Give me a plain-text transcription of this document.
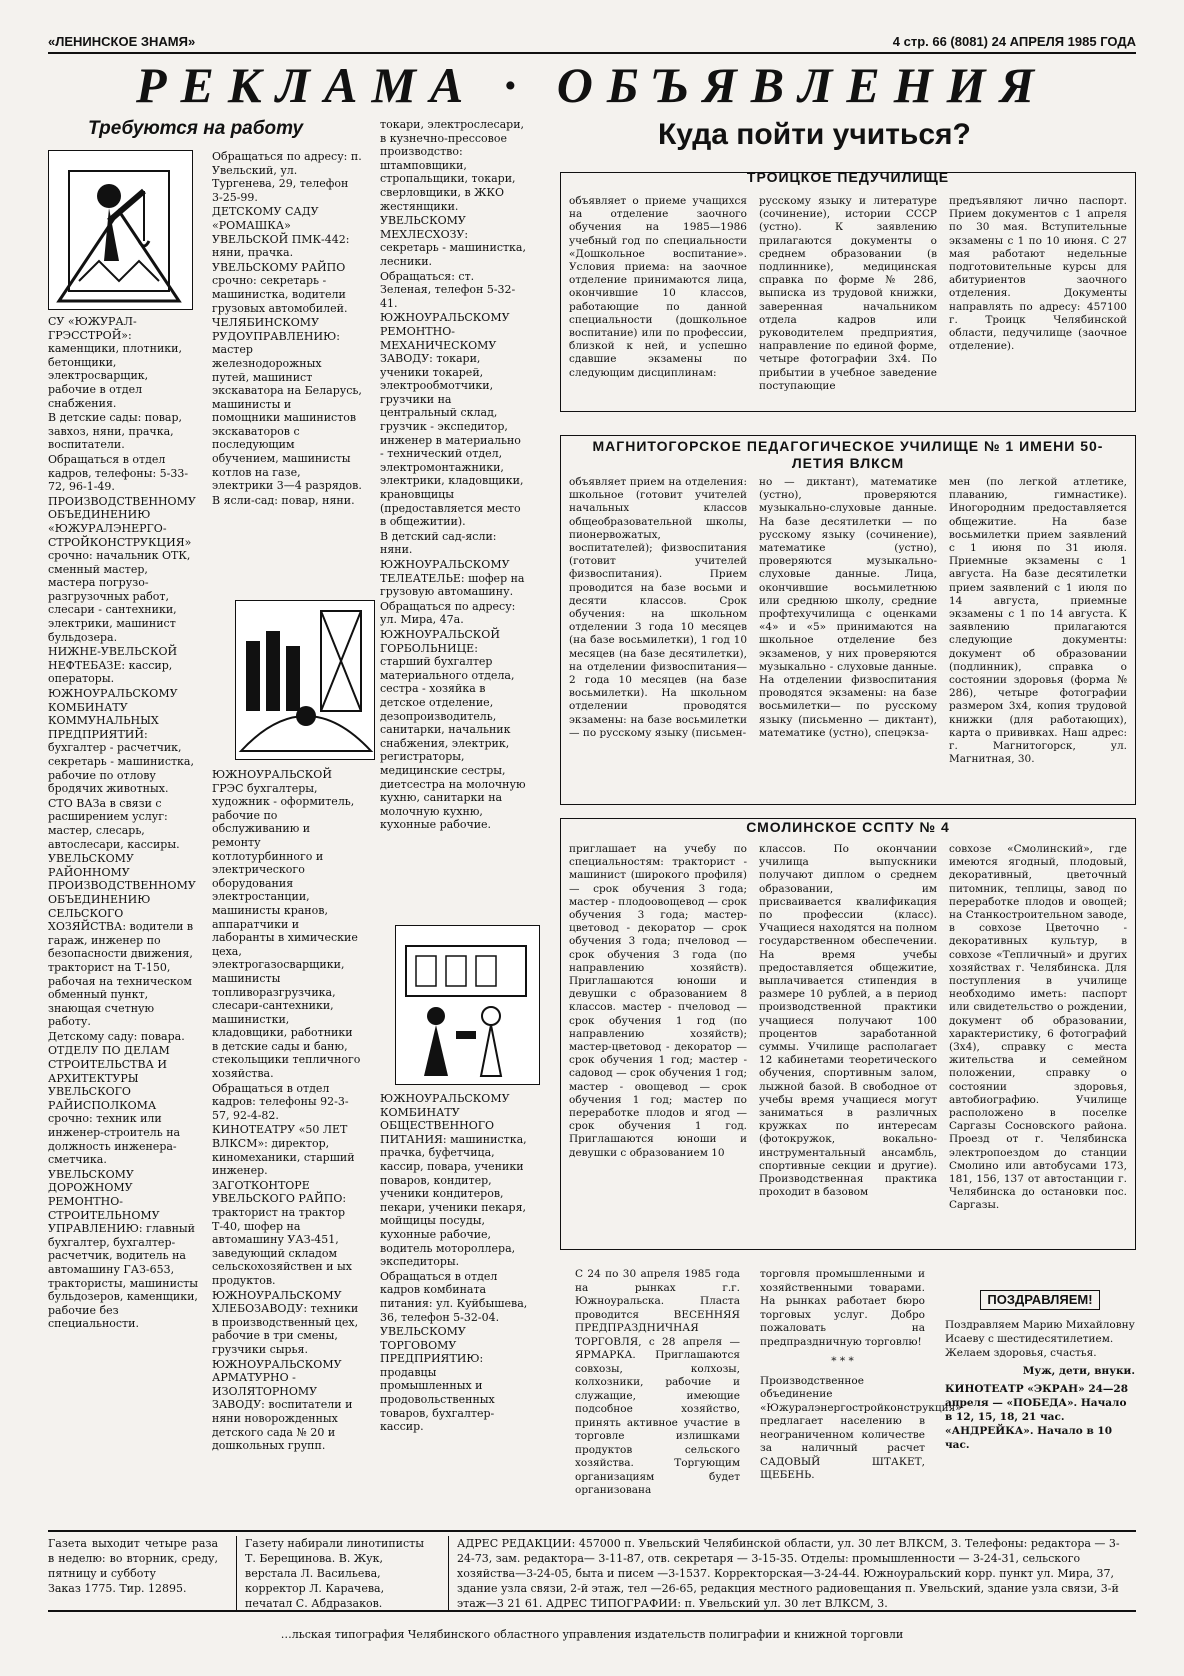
«ЛЕНИНСКОЕ ЗНАМЯ»	4 стр. 66 (8081) 24 АПРЕЛЯ 1985 ГОДА
РЕКЛАМА · ОБЪЯВЛЕНИЯ
Требуются на работу

СУ «ЮЖУРАЛ-ГРЭССТРОЙ»: каменщики, плотники, бетонщики, электросварщик, рабочие в отдел снабжения.

В детские сады: повар, завхоз, няни, прачка, воспитатели.

Обращаться в отдел кадров, телефоны: 5-33-72, 96-1-49.

ПРОИЗВОДСТВЕННОМУ ОБЪЕДИНЕНИЮ «ЮЖУРАЛЭНЕРГО-СТРОЙКОНСТРУКЦИЯ» срочно: начальник ОТК, сменный мастер, мастера погрузо-разгрузочных работ, слесари - сантехники, электрики, машинист бульдозера.

НИЖНЕ-УВЕЛЬСКОЙ НЕФТЕБАЗЕ: кассир, операторы.

ЮЖНОУРАЛЬСКОМУ КОМБИНАТУ КОММУНАЛЬНЫХ ПРЕДПРИЯТИЙ: бухгалтер - расчетчик, секретарь - машинистка, рабочие по отлову бродячих животных.

СТО ВАЗа в связи с расширением услуг: мастер, слесарь, автослесари, кассиры.

УВЕЛЬСКОМУ РАЙОННОМУ ПРОИЗВОДСТВЕННОМУ ОБЪЕДИНЕНИЮ СЕЛЬСКОГО ХОЗЯЙСТВА: водители в гараж, инженер по безопасности движения, тракторист на Т-150, рабочая на техническом обменный пункт, знающая счетную работу.

Детскому саду: повара.

ОТДЕЛУ ПО ДЕЛАМ СТРОИТЕЛЬСТВА И АРХИТЕКТУРЫ УВЕЛЬСКОГО РАЙИСПОЛКОМА срочно: техник или инженер-строитель на должность инженера-сметчика.

УВЕЛЬСКОМУ ДОРОЖНОМУ РЕМОНТНО-СТРОИТЕЛЬНОМУ УПРАВЛЕНИЮ: главный бухгалтер, бухгалтер-расчетчик, водитель на автомашину ГАЗ-653, трактористы, машинисты бульдозеров, каменщики, рабочие без специальности.

Обращаться по адресу: п. Увельский, ул. Тургенева, 29, телефон 3-25-99.

ДЕТСКОМУ САДУ «РОМАШКА» УВЕЛЬСКОЙ ПМК-442: няни, прачка.

УВЕЛЬСКОМУ РАЙПО срочно: секретарь - машинистка, водители грузовых автомобилей.

ЧЕЛЯБИНСКОМУ РУДОУПРАВЛЕНИЮ: мастер железнодорожных путей, машинист экскаватора на Беларусь, машинисты и помощники машинистов экскаваторов с последующим обучением, машинисты котлов на газе, электрики 3—4 разрядов.

В ясли-сад: повар, няни.

ЮЖНОУРАЛЬСКОЙ ГРЭС бухгалтеры, художник - оформитель, рабочие по обслуживанию и ремонту котлотурбинного и электрического оборудования электростанции, машинисты кранов, аппаратчики и лаборанты в химические цеха, электрогазосварщики, машинисты топливоразгрузчика, слесари-сантехники, машинистки, кладовщики, работники в детские сады и баню, стекольщики тепличного хозяйства.

Обращаться в отдел кадров: телефоны 92-3-57, 92-4-82.

КИНОТЕАТРУ «50 ЛЕТ ВЛКСМ»: директор, киномеханики, старший инженер.

ЗАГОТКОНТОРЕ УВЕЛЬСКОГО РАЙПО: тракторист на трактор Т-40, шофер на автомашину УАЗ-451, заведующий складом сельскохозяйствен и ых продуктов.

ЮЖНОУРАЛЬСКОМУ ХЛЕБОЗАВОДУ: техники в производственный цех, рабочие в три смены, грузчики сырья.

ЮЖНОУРАЛЬСКОМУ АРМАТУРНО - ИЗОЛЯТОРНОМУ ЗАВОДУ: воспитатели и няни новорожденных детского сада № 20 и дошкольных групп.

токари, электрослесари, в кузнечно-прессовое производство: штамповщики, стропальщики, токари, сверловщики, в ЖКО жестянщики.

УВЕЛЬСКОМУ МЕХЛЕСХОЗУ: секретарь - машинистка, лесники.

Обращаться: ст. Зеленая, телефон 5-32-41.

ЮЖНОУРАЛЬСКОМУ РЕМОНТНО-МЕХАНИЧЕСКОМУ ЗАВОДУ: токари, ученики токарей, электрообмотчики, грузчики на центральный склад, грузчик - экспедитор, инженер в материально - технический отдел, электромонтажники, электрики, кладовщики, крановщицы (предоставляется место в общежитии).

В детский сад-ясли: няни.

ЮЖНОУРАЛЬСКОМУ ТЕЛЕАТЕЛЬЕ: шофер на грузовую автомашину.

Обращаться по адресу: ул. Мира, 47а.

ЮЖНОУРАЛЬСКОЙ ГОРБОЛЬНИЦЕ: старший бухгалтер материального отдела, сестра - хозяйка в детское отделение, дезопроизводитель, санитарки, начальник снабжения, электрик, регистраторы, медицинские сестры, диетсестра на молочную кухню, санитарки на молочную кухню, кухонные рабочие.

ЮЖНОУРАЛЬСКОМУ КОМБИНАТУ ОБЩЕСТВЕННОГО ПИТАНИЯ: машинистка, прачка, буфетчица, кассир, повара, ученики поваров, кондитер, ученики кондитеров, пекари, ученики пекаря, мойщицы посуды, кухонные рабочие, водитель мотороллера, экспедиторы.

Обращаться в отдел кадров комбината питания: ул. Куйбышева, 36, телефон 5-32-04.

УВЕЛЬСКОМУ ТОРГОВОМУ ПРЕДПРИЯТИЮ: продавцы промышленных и продовольственных товаров, бухгалтер-кассир.

Куда пойти учиться?
ТРОИЦКОЕ ПЕДУЧИЛИЩЕ
объявляет о приеме учащихся на отделение заочного обучения на 1985—1986 учебный год по специальности «Дошкольное воспитание». Условия приема: на заочное отделение принимаются лица, окончившие 10 классов, работающие по данной специальности (дошкольное воспитание) или по профессии, близкой к ней, и успешно сдавшие экзамены по следующим дисциплинам:
русскому языку и литературе (сочинение), истории СССР (устно). К заявлению прилагаются документы о среднем образовании (в подлиннике), медицинская справка по форме № 286, выписка из трудовой книжки, заверенная начальником отдела кадров или руководителем предприятия, направление по единой форме, четыре фотографии 3x4. По прибытии в учебное заведение поступающие
предъявляют лично паспорт. Прием документов с 1 апреля по 30 мая. Вступительные экзамены с 1 по 10 июня. С 27 мая работают недельные подготовительные курсы для абитуриентов заочного отделения. Документы направлять по адресу: 457100 г. Троицк Челябинской области, педучилище (заочное отделение).
МАГНИТОГОРСКОЕ ПЕДАГОГИЧЕСКОЕ УЧИЛИЩЕ № 1 ИМЕНИ 50-ЛЕТИЯ ВЛКСМ
объявляет прием на отделения: школьное (готовит учителей начальных классов общеобразовательной школы, пионервожатых, воспитателей); физвоспитания (готовит учителей физвоспитания). Прием проводится на базе восьми и десяти классов. Срок обучения: на школьном отделении 3 года 10 месяцев (на базе восьмилетки), 1 год 10 месяцев (на базе десятилетки), на отделении физвоспитания—2 года 10 месяцев (на базе восьмилетки). На школьном отделении проводятся экзамены: на базе восьмилетки — по русскому языку (письмен-
но — диктант), математике (устно), проверяются музыкально-слуховые данные. На базе десятилетки — по русскому языку (сочинение), математике (устно), проверяются музыкально-слуховые данные. Лица, окончившие восьмилетнюю или среднюю школу, средние профтехучилища с оценками «4» и «5» принимаются на школьное отделение без экзаменов, у них проверяются музыкально - слуховые данные. На отделении физвоспитания проводятся экзамены: на базе восьмилетки— по русскому языку (письменно — диктант), математике (устно), спецэкза-
мен (по легкой атлетике, плаванию, гимнастике). Иногородним предоставляется общежитие. На базе восьмилетки прием заявлений с 1 июня по 31 июля. Приемные экзамены с 1 августа. На базе десятилетки прием заявлений с 1 июля по 14 августа, приемные экзамены с 1 по 14 августа. К заявлению прилагаются следующие документы: документ об образовании (подлинник), справка о состоянии здоровья (форма № 286), четыре фотографии размером 3x4, копия трудовой книжки (для работающих), карта о прививках. Наш адрес: г. Магнитогорск, ул. Магнитная, 30.
СМОЛИНСКОЕ ССПТУ № 4
приглашает на учебу по специальностям: тракторист - машинист (широкого профиля) — срок обучения 3 года; мастер - плодоовощевод — срок обучения 3 года; мастер-цветовод - декоратор — срок обучения 3 года; пчеловод — срок обучения 3 года (по направлению хозяйств). Приглашаются юноши и девушки с образованием 8 классов. мастер - пчеловод — срок обучения 1 год (по направлению хозяйств); мастер-цветовод - декоратор — срок обучения 1 год; мастер - садовод — срок обучения 1 год; мастер - овощевод — срок обучения 1 год; мастер по переработке плодов и ягод — срок обучения 1 год. Приглашаются юноши и девушки с образованием 10
классов. По окончании училища выпускники получают диплом о среднем образовании, им присваивается квалификация по профессии (класс). Учащиеся находятся на полном государственном обеспечении. На время учебы предоставляется общежитие, выплачивается стипендия в размере 10 рублей, а в период производственной практики учащиеся получают 100 процентов заработанной суммы. Училище располагает 12 кабинетами теоретического обучения, спортивным залом, лыжной базой. В свободное от учебы время учащиеся могут заниматься в различных кружках по интересам (фотокружок, вокально-инструментальный ансамбль, спортивные секции и другие). Производственная практика проходит в базовом
совхозе «Смолинский», где имеются ягодный, плодовый, декоративный, цветочный питомник, теплицы, завод по переработке плодов и овощей; на Станкостроительном заводе, в совхозе Цветочно - декоративных культур, в совхозе «Тепличный» и других хозяйствах г. Челябинска. Для поступления в училище необходимо иметь: паспорт или свидетельство о рождении, документ об образовании, характеристику, 6 фотографий (3x4), справку с места жительства и семейном положении, справку о состоянии здоровья, автобиографию. Училище расположено в поселке Саргазы Сосновского района. Проезд от г. Челябинска электропоездом до станции Смолино или автобусами 173, 181, 156, 137 от автостанции г. Челябинска до остановки пос. Саргазы.
С 24 по 30 апреля 1985 года на рынках г.г. Южноуральска. Пласта проводится ВЕСЕННЯЯ ПРЕДПРАЗДНИЧНАЯ ТОРГОВЛЯ, с 28 апреля — ЯРМАРКА. Приглашаются совхозы, колхозы, колхозники, рабочие и служащие, имеющие подсобное хозяйство, принять активное участие в торговле излишками продуктов сельского хозяйства. Торгующим организациям будет организована

торговля промышленными и хозяйственными товарами. На рынках работает бюро торговых услуг. Добро пожаловать на предпраздничную торговлю!

* * *

Производственное объединение «Южуралэнергостройконструкция» предлагает населению в неограниченном количестве за наличный расчет САДОВЫЙ ШТАКЕТ, ЩЕБЕНЬ.

ПОЗДРАВЛЯЕМ!

Поздравляем Марию Михайловну Исаеву с шестидесятилетием. Желаем здоровья, счастья.

Муж, дети, внуки.

КИНОТЕАТР «ЭКРАН» 24—28 апреля — «ПОБЕДА». Начало в 12, 15, 18, 21 час. «АНДРЕЙКА». Начало в 10 час.

Газета выходит четыре раза в неделю: во вторник, среду, пятницу и субботу
Заказ 1775. Тир. 12895.
Газету набирали линотиписты Т. Берещинова. В. Жук, верстала Л. Васильева, корректор Л. Карачева, печатал С. Абдразаков.
АДРЕС РЕДАКЦИИ: 457000 п. Увельский Челябинской области, ул. 30 лет ВЛКСМ, 3. Телефоны: редактора — 3-24-73, зам. редактора— 3-11-87, отв. секретаря — 3-15-35. Отделы: промышленности — 3-24-31, сельского хозяйства—3-24-05, быта и писем —3-1537. Корректорская—3-24-44. Южноуральский корр. пункт ул. Мира, 37, здание узла связи, 2-й этаж, тел —26-65, редакция местного радиовещания п. Увельский, здание узла связи, 3-й этаж—3 21 61. АДРЕС ТИПОГРАФИИ: п. Увельский ул. 30 лет ВЛКСМ, 3.
…льская типография Челябинского областного управления издательств полиграфии и книжной торговли
